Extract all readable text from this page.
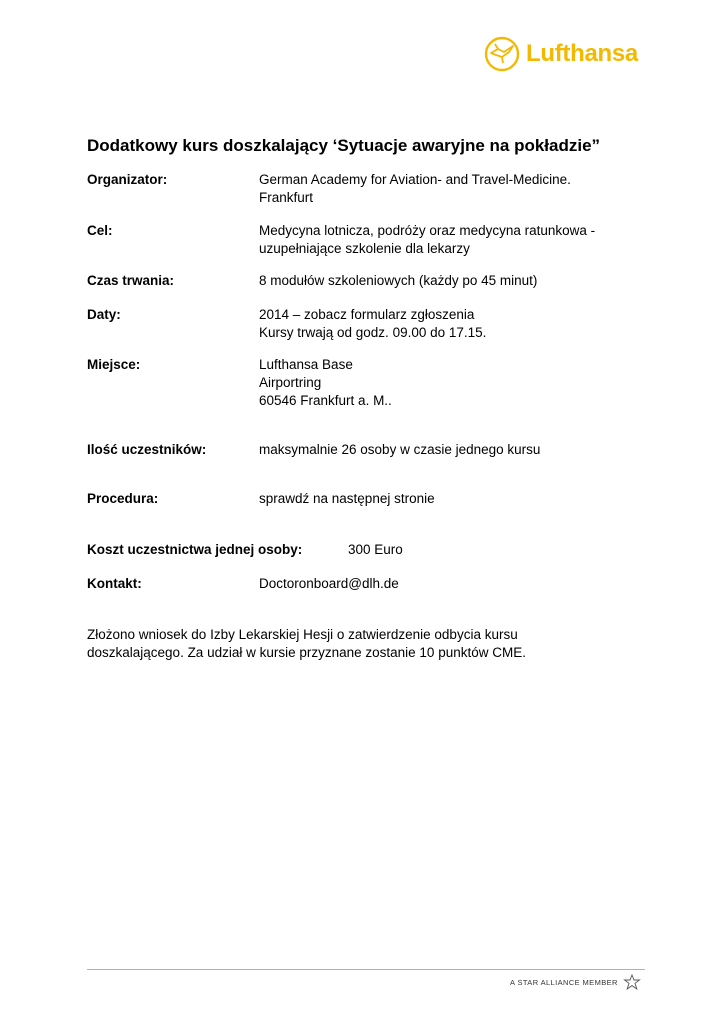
Lufthansa
Dodatkowy kurs doszkalający ‘Sytuacje awaryjne na pokładzie”
Organizator:	German Academy for Aviation- and Travel-Medicine.
Frankfurt
Cel:	Medycyna lotnicza, podróży oraz medycyna ratunkowa -
uzupełniające szkolenie dla lekarzy
Czas trwania:	8 modułów szkoleniowych (każdy po 45 minut)
Daty:	2014 – zobacz formularz zgłoszenia
Kursy trwają od godz. 09.00 do 17.15.
Miejsce:	Lufthansa Base
Airportring
60546 Frankfurt a. M..
Ilość uczestników:	maksymalnie 26 osoby w czasie jednego kursu
Procedura:	sprawdź na następnej stronie
Koszt uczestnictwa jednej osoby:	300 Euro
Kontakt:	Doctoronboard@dlh.de
Złożono wniosek do Izby Lekarskiej Hesji o zatwierdzenie odbycia kursu
doszkalającego. Za udział w kursie przyznane zostanie 10 punktów CME.
A STAR ALLIANCE MEMBER
